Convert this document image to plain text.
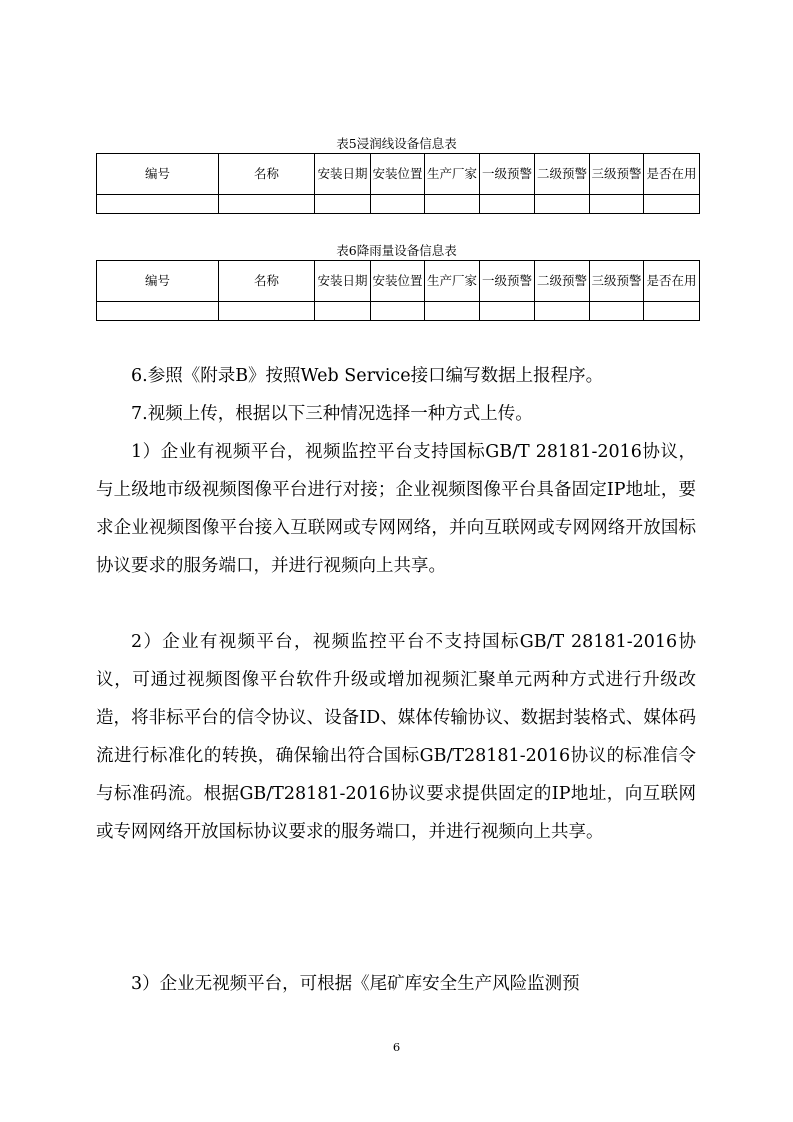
表5浸润线设备信息表
编号	名称	安装日期	安装位置	生产厂家	一级预警	二级预警	三级预警	是否在用

表6降雨量设备信息表
编号	名称	安装日期	安装位置	生产厂家	一级预警	二级预警	三级预警	是否在用

6.参照《附录B》按照Web Service接口编写数据上报程序。

7.视频上传，根据以下三种情况选择一种方式上传。

1）企业有视频平台，视频监控平台支持国标GB/T 28181-2016协议，与上级地市级视频图像平台进行对接；企业视频图像平台具备固定IP地址，要求企业视频图像平台接入互联网或专网网络，并向互联网或专网网络开放国标协议要求的服务端口，并进行视频向上共享。

2）企业有视频平台，视频监控平台不支持国标GB/T 28181-2016协议，可通过视频图像平台软件升级或增加视频汇聚单元两种方式进行升级改造，将非标平台的信令协议、设备ID、媒体传输协议、数据封装格式、媒体码流进行标准化的转换，确保输出符合国标GB/T28181-2016协议的标准信令与标准码流。根据GB/T28181-2016协议要求提供固定的IP地址，向互联网或专网网络开放国标协议要求的服务端口，并进行视频向上共享。

3）企业无视频平台，可根据《尾矿库安全生产风险监测预

6
